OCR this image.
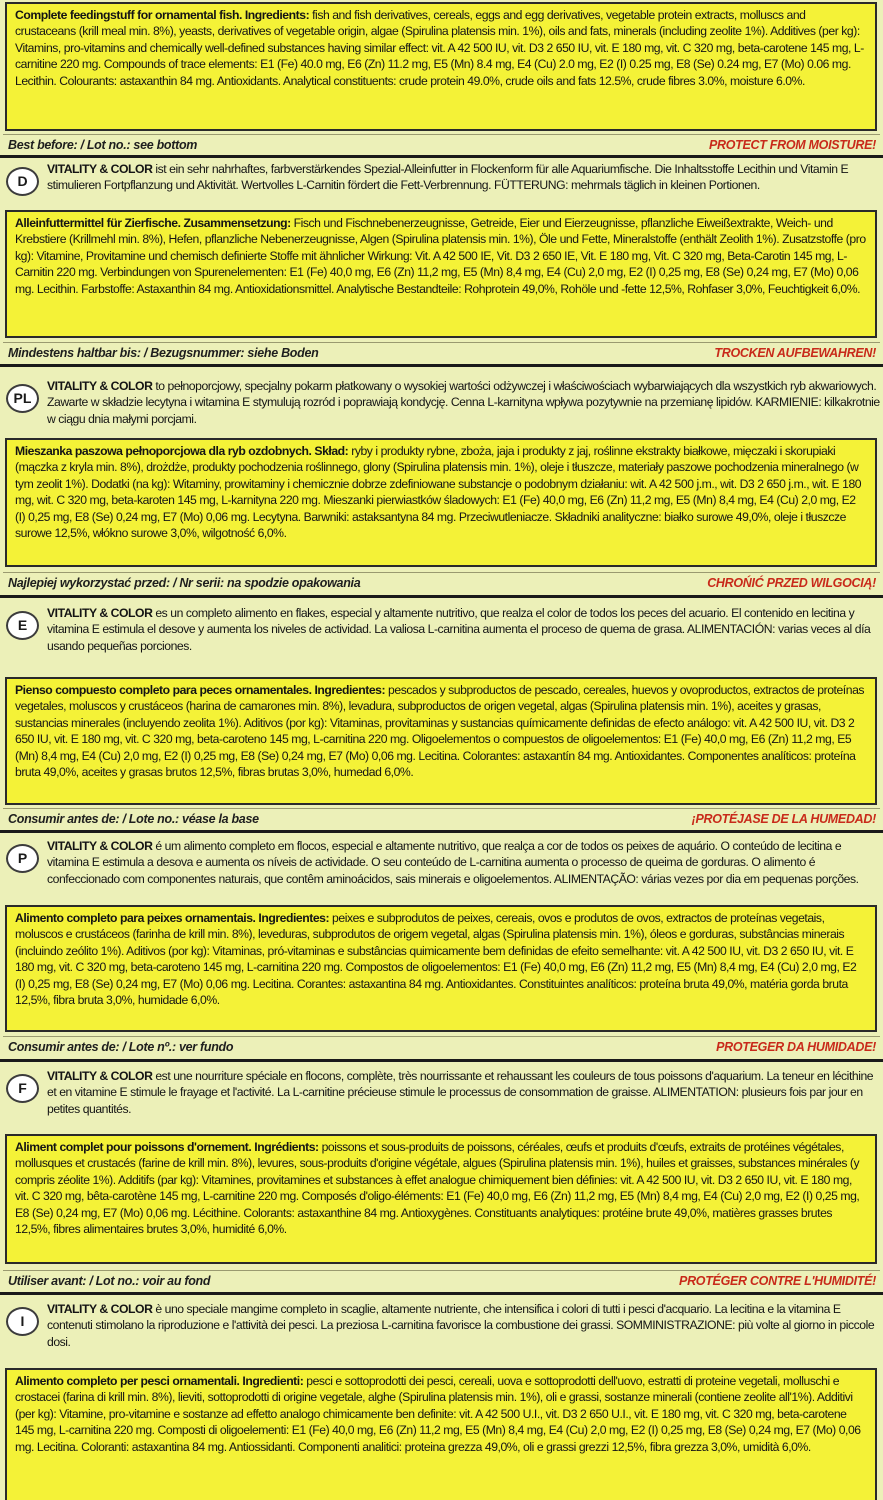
Complete feedingstuff for ornamental fish. Ingredients: fish and fish derivatives, cereals, eggs and egg derivatives, vegetable protein extracts, molluscs and crustaceans (krill meal min. 8%), yeasts, derivatives of vegetable origin, algae (Spirulina platensis min. 1%), oils and fats, minerals (including zeolite 1%). Additives (per kg): Vitamins, pro-vitamins and chemically well-defined substances having similar effect: vit. A 42 500 IU, vit. D3 2 650 IU, vit. E 180 mg, vit. C 320 mg, beta-carotene 145 mg, L-carnitine 220 mg. Compounds of trace elements: E1 (Fe) 40.0 mg, E6 (Zn) 11.2 mg, E5 (Mn) 8.4 mg, E4 (Cu) 2.0 mg, E2 (I) 0.25 mg, E8 (Se) 0.24 mg, E7 (Mo) 0.06 mg. Lecithin. Colourants: astaxanthin 84 mg. Antioxidants. Analytical constituents: crude protein 49.0%, crude oils and fats 12.5%, crude fibres 3.0%, moisture 6.0%.
Best before: / Lot no.: see bottom	PROTECT FROM MOISTURE!
D
VITALITY & COLOR ist ein sehr nahrhaftes, farbverstärkendes Spezial-Alleinfutter in Flockenform für alle Aquariumfische. Die Inhaltsstoffe Lecithin und Vitamin E stimulieren Fortpflanzung und Aktivität. Wertvolles L-Carnitin fördert die Fett-Verbrennung. FÜTTERUNG: mehrmals täglich in kleinen Portionen.
Alleinfuttermittel für Zierfische. Zusammensetzung: Fisch und Fischnebenerzeugnisse, Getreide, Eier und Eierzeugnisse, pflanzliche Eiweißextrakte, Weich- und Krebstiere (Krillmehl min. 8%), Hefen, pflanzliche Nebenerzeugnisse, Algen (Spirulina platensis min. 1%), Öle und Fette, Mineralstoffe (enthält Zeolith 1%). Zusatzstoffe (pro kg): Vitamine, Provitamine und chemisch definierte Stoffe mit ähnlicher Wirkung: Vit. A 42 500 IE, Vit. D3 2 650 IE, Vit. E 180 mg, Vit. C 320 mg, Beta-Carotin 145 mg, L-Carnitin 220 mg. Verbindungen von Spurenelementen: E1 (Fe) 40,0 mg, E6 (Zn) 11,2 mg, E5 (Mn) 8,4 mg, E4 (Cu) 2,0 mg, E2 (I) 0,25 mg, E8 (Se) 0,24 mg, E7 (Mo) 0,06 mg. Lecithin. Farbstoffe: Astaxanthin 84 mg. Antioxidationsmittel. Analytische Bestandteile: Rohprotein 49,0%, Rohöle und -fette 12,5%, Rohfaser 3,0%, Feuchtigkeit 6,0%.
Mindestens haltbar bis: / Bezugsnummer: siehe Boden	TROCKEN AUFBEWAHREN!
PL
VITALITY & COLOR to pełnoporcjowy, specjalny pokarm płatkowany o wysokiej wartości odżywczej i właściwościach wybarwiających dla wszystkich ryb akwariowych. Zawarte w składzie lecytyna i witamina E stymulują rozród i poprawiają kondycję. Cenna L-karnityna wpływa pozytywnie na przemianę lipidów. KARMIENIE: kilkakrotnie w ciągu dnia małymi porcjami.
Mieszanka paszowa pełnoporcjowa dla ryb ozdobnych. Skład: ryby i produkty rybne, zboża, jaja i produkty z jaj, roślinne ekstrakty białkowe, mięczaki i skorupiaki (mączka z kryla min. 8%), drożdże, produkty pochodzenia roślinnego, glony (Spirulina platensis min. 1%), oleje i tłuszcze, materiały paszowe pochodzenia mineralnego (w tym zeolit 1%). Dodatki (na kg): Witaminy, prowitaminy i chemicznie dobrze zdefiniowane substancje o podobnym działaniu: wit. A 42 500 j.m., wit. D3 2 650 j.m., wit. E 180 mg, wit. C 320 mg, beta-karoten 145 mg, L-karnityna 220 mg. Mieszanki pierwiastków śladowych: E1 (Fe) 40,0 mg, E6 (Zn) 11,2 mg, E5 (Mn) 8,4 mg, E4 (Cu) 2,0 mg, E2 (I) 0,25 mg, E8 (Se) 0,24 mg, E7 (Mo) 0,06 mg. Lecytyna. Barwniki: astaksantyna 84 mg. Przeciwutleniacze. Składniki analityczne: białko surowe 49,0%, oleje i tłuszcze surowe 12,5%, włókno surowe 3,0%, wilgotność 6,0%.
Najlepiej wykorzystać przed: / Nr serii: na spodzie opakowania	CHROŃIĆ PRZED WILGOCIĄ!
E
VITALITY & COLOR es un completo alimento en flakes, especial y altamente nutritivo, que realza el color de todos los peces del acuario. El contenido en lecitina y vitamina E estimula el desove y aumenta los niveles de actividad. La valiosa L-carnitina aumenta el proceso de quema de grasa. ALIMENTACIÓN: varias veces al día usando pequeñas porciones.
Pienso compuesto completo para peces ornamentales. Ingredientes: pescados y subproductos de pescado, cereales, huevos y ovoproductos, extractos de proteínas vegetales, moluscos y crustáceos (harina de camarones min. 8%), levadura, subproductos de origen vegetal, algas (Spirulina platensis min. 1%), aceites y grasas, sustancias minerales (incluyendo zeolita 1%). Aditivos (por kg): Vitaminas, provitaminas y sustancias químicamente definidas de efecto análogo: vit. A 42 500 IU, vit. D3 2 650 IU, vit. E 180 mg, vit. C 320 mg, beta-caroteno 145 mg, L-carnitina 220 mg. Oligoelementos o compuestos de oligoelementos: E1 (Fe) 40,0 mg, E6 (Zn) 11,2 mg, E5 (Mn) 8,4 mg, E4 (Cu) 2,0 mg, E2 (I) 0,25 mg, E8 (Se) 0,24 mg, E7 (Mo) 0,06 mg. Lecitina. Colorantes: astaxantín 84 mg. Antioxidantes. Componentes analíticos: proteína bruta 49,0%, aceites y grasas brutos 12,5%, fibras brutas 3,0%, humedad 6,0%.
Consumir antes de: / Lote no.: véase la base	¡PROTÉJASE DE LA HUMEDAD!
P
VITALITY & COLOR é um alimento completo em flocos, especial e altamente nutritivo, que realça a cor de todos os peixes de aquário. O conteúdo de lecitina e vitamina E estimula a desova e aumenta os níveis de actividade. O seu conteúdo de L-carnitina aumenta o processo de queima de gorduras. O alimento é confeccionado com componentes naturais, que contêm aminoácidos, sais minerais e oligoelementos. ALIMENTAÇÃO: várias vezes por dia em pequenas porções.
Alimento completo para peixes ornamentais. Ingredientes: peixes e subprodutos de peixes, cereais, ovos e produtos de ovos, extractos de proteínas vegetais, moluscos e crustáceos (farinha de krill min. 8%), leveduras, subprodutos de origem vegetal, algas (Spirulina platensis min. 1%), óleos e gorduras, substâncias minerais (incluindo zeólito 1%). Aditivos (por kg): Vitaminas, pró-vitaminas e substâncias quimicamente bem definidas de efeito semelhante: vit. A 42 500 IU, vit. D3 2 650 IU, vit. E 180 mg, vit. C 320 mg, beta-caroteno 145 mg, L-carnitina 220 mg. Compostos de oligoelementos: E1 (Fe) 40,0 mg, E6 (Zn) 11,2 mg, E5 (Mn) 8,4 mg, E4 (Cu) 2,0 mg, E2 (I) 0,25 mg, E8 (Se) 0,24 mg, E7 (Mo) 0,06 mg. Lecitina. Corantes: astaxantina 84 mg. Antioxidantes. Constituintes analíticos: proteína bruta 49,0%, matéria gorda bruta 12,5%, fibra bruta 3,0%, humidade 6,0%.
Consumir antes de: / Lote nº.: ver fundo	PROTEGER DA HUMIDADE!
F
VITALITY & COLOR est une nourriture spéciale en flocons, complète, très nourrissante et rehaussant les couleurs de tous poissons d'aquarium. La teneur en lécithine et en vitamine E stimule le frayage et l'activité. La L-carnitine précieuse stimule le processus de consommation de graisse. ALIMENTATION: plusieurs fois par jour en petites quantités.
Aliment complet pour poissons d'ornement. Ingrédients: poissons et sous-produits de poissons, céréales, œufs et produits d'œufs, extraits de protéines végétales, mollusques et crustacés (farine de krill min. 8%), levures, sous-produits d'origine végétale, algues (Spirulina platensis min. 1%), huiles et graisses, substances minérales (y compris zéolite 1%). Additifs (par kg): Vitamines, provitamines et substances à effet analogue chimiquement bien définies: vit. A 42 500 IU, vit. D3 2 650 IU, vit. E 180 mg, vit. C 320 mg, bêta-carotène 145 mg, L-carnitine 220 mg. Composés d'oligo-éléments: E1 (Fe) 40,0 mg, E6 (Zn) 11,2 mg, E5 (Mn) 8,4 mg, E4 (Cu) 2,0 mg, E2 (I) 0,25 mg, E8 (Se) 0,24 mg, E7 (Mo) 0,06 mg. Lécithine. Colorants: astaxanthine 84 mg. Antioxygènes. Constituants analytiques: protéine brute 49,0%, matières grasses brutes 12,5%, fibres alimentaires brutes 3,0%, humidité 6,0%.
Utiliser avant: / Lot no.: voir au fond	PROTÉGER CONTRE L'HUMIDITÉ!
I
VITALITY & COLOR è uno speciale mangime completo in scaglie, altamente nutriente, che intensifica i colori di tutti i pesci d'acquario. La lecitina e la vitamina E contenuti stimolano la riproduzione e l'attività dei pesci. La preziosa L-carnitina favorisce la combustione dei grassi. SOMMINISTRAZIONE: più volte al giorno in piccole dosi.
Alimento completo per pesci ornamentali. Ingredienti: pesci e sottoprodotti dei pesci, cereali, uova e sottoprodotti dell'uovo, estratti di proteine vegetali, molluschi e crostacei (farina di krill min. 8%), lieviti, sottoprodotti di origine vegetale, alghe (Spirulina platensis min. 1%), oli e grassi, sostanze minerali (contiene zeolite all'1%). Additivi (per kg): Vitamine, pro-vitamine e sostanze ad effetto analogo chimicamente ben definite: vit. A 42 500 U.I., vit. D3 2 650 U.I., vit. E 180 mg, vit. C 320 mg, beta-carotene 145 mg, L-carnitina 220 mg. Composti di oligoelementi: E1 (Fe) 40,0 mg, E6 (Zn) 11,2 mg, E5 (Mn) 8,4 mg, E4 (Cu) 2,0 mg, E2 (I) 0,25 mg, E8 (Se) 0,24 mg, E7 (Mo) 0,06 mg. Lecitina. Coloranti: astaxantina 84 mg. Antiossidanti. Componenti analitici: proteina grezza 49,0%, oli e grassi grezzi 12,5%, fibra grezza 3,0%, umidità 6,0%.
